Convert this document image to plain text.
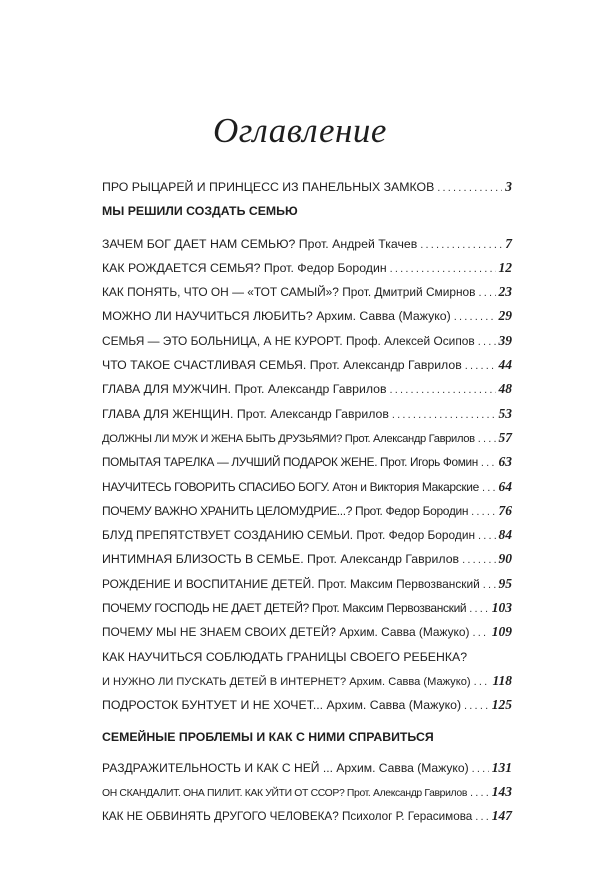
Оглавление
ПРО РЫЦАРЕЙ И ПРИНЦЕСС ИЗ ПАНЕЛЬНЫХ ЗАМКОВ .....	3
МЫ РЕШИЛИ СОЗДАТЬ СЕМЬЮ
ЗАЧЕМ БОГ ДАЕТ НАМ СЕМЬЮ? Прот. Андрей Ткачев .....	7
КАК РОЖДАЕТСЯ СЕМЬЯ? Прот. Федор Бородин .....	12
КАК ПОНЯТЬ, ЧТО ОН — «ТОТ САМЫЙ»? Прот. Дмитрий Смирнов ..... 23
МОЖНО ЛИ НАУЧИТЬСЯ ЛЮБИТЬ? Архим. Савва (Мажуко) .....	29
СЕМЬЯ — ЭТО БОЛЬНИЦА, А НЕ КУРОРТ. Проф. Алексей Осипов ..... 39
ЧТО ТАКОЕ СЧАСТЛИВАЯ СЕМЬЯ. Прот. Александр Гаврилов .....	44
ГЛАВА ДЛЯ МУЖЧИН. Прот. Александр Гаврилов .....	48
ГЛАВА ДЛЯ ЖЕНЩИН. Прот. Александр Гаврилов .....	53
ДОЛЖНЫ ЛИ МУЖ И ЖЕНА БЫТЬ ДРУЗЬЯМИ? Прот. Александр Гаврилов ..... 57
ПОМЫТАЯ ТАРЕЛКА — ЛУЧШИЙ ПОДАРОК ЖЕНЕ. Прот. Игорь Фомин ..... 63
НАУЧИТЕСЬ ГОВОРИТЬ СПАСИБО БОГУ. Атон и Виктория Макарские ..... 64
ПОЧЕМУ ВАЖНО ХРАНИТЬ ЦЕЛОМУДРИЕ...? Прот. Федор Бородин ..... 76
БЛУД ПРЕПЯТСТВУЕТ СОЗДАНИЮ СЕМЬИ. Прот. Федор Бородин ..... 84
ИНТИМНАЯ БЛИЗОСТЬ В СЕМЬЕ. Прот. Александр Гаврилов .....	90
РОЖДЕНИЕ И ВОСПИТАНИЕ ДЕТЕЙ. Прот. Максим Первозванский ..... 95
ПОЧЕМУ ГОСПОДЬ НЕ ДАЕТ ДЕТЕЙ? Прот. Максим Первозванский ..... 103
ПОЧЕМУ МЫ НЕ ЗНАЕМ СВОИХ ДЕТЕЙ? Архим. Савва (Мажуко) ..... 109
КАК НАУЧИТЬСЯ СОБЛЮДАТЬ ГРАНИЦЫ СВОЕГО РЕБЕНКА?
И НУЖНО ЛИ ПУСКАТЬ ДЕТЕЙ В ИНТЕРНЕТ? Архим. Савва (Мажуко) ..... 118
ПОДРОСТОК БУНТУЕТ И НЕ ХОЧЕТ... Архим. Савва (Мажуко) ..... 125
СЕМЕЙНЫЕ ПРОБЛЕМЫ И КАК С НИМИ СПРАВИТЬСЯ
РАЗДРАЖИТЕЛЬНОСТЬ И КАК С НЕЙ ... Архим. Савва (Мажуко) ..... 131
ОН СКАНДАЛИТ. ОНА ПИЛИТ. КАК УЙТИ ОТ ССОР? Прот. Александр Гаврилов ..... 143
КАК НЕ ОБВИНЯТЬ ДРУГОГО ЧЕЛОВЕКА? Психолог Р. Герасимова ..... 147
